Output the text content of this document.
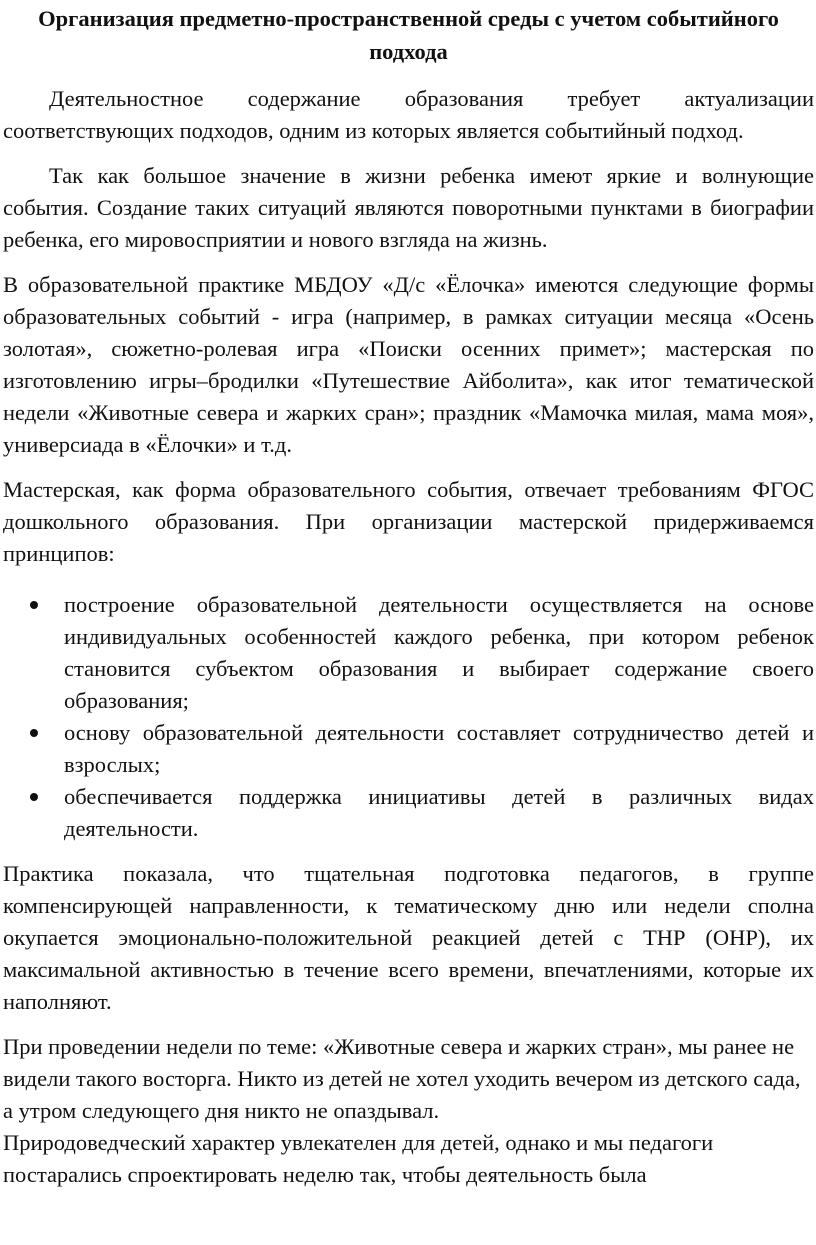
Организация предметно-пространственной среды с учетом событийного подхода

Деятельностное содержание образования требует актуализации соответствующих подходов, одним из которых является событийный подход.

Так как большое значение в жизни ребенка имеют яркие и волнующие события. Создание таких ситуаций являются поворотными пунктами в биографии ребенка, его мировосприятии и нового взгляда на жизнь.

В образовательной практике МБДОУ «Д/с «Ёлочка» имеются следующие формы образовательных событий - игра (например, в рамках ситуации месяца «Осень золотая», сюжетно-ролевая игра «Поиски осенних примет»; мастерская по изготовлению игры–бродилки «Путешествие Айболита», как итог тематической недели «Животные севера и жарких сран»; праздник «Мамочка милая, мама моя», универсиада в «Ёлочки» и т.д.

Мастерская, как форма образовательного события, отвечает требованиям ФГОС дошкольного образования. При организации мастерской придерживаемся принципов:

построение образовательной деятельности осуществляется на основе индивидуальных особенностей каждого ребенка, при котором ребенок становится субъектом образования и выбирает содержание своего образования;
основу образовательной деятельности составляет сотрудничество детей и взрослых;
обеспечивается поддержка инициативы детей в различных видах деятельности.

Практика показала, что тщательная подготовка педагогов, в группе компенсирующей направленности, к тематическому дню или недели сполна окупается эмоционально-положительной реакцией детей с ТНР (ОНР), их максимальной активностью в течение всего времени, впечатлениями, которые их наполняют.

При проведении недели по теме: «Животные севера и жарких стран», мы ранее не видели такого восторга. Никто из детей не хотел уходить вечером из детского сада, а утром следующего дня никто не опаздывал.

Природоведческий характер увлекателен для детей, однако и мы педагоги постарались спроектировать неделю так, чтобы деятельность была
